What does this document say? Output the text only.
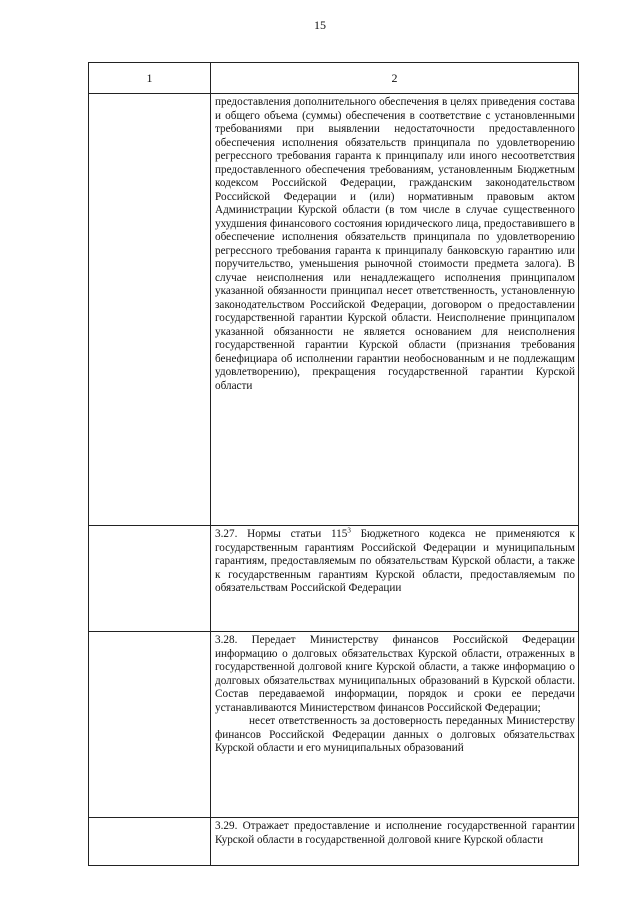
15
1	2

	предоставления дополнительного обеспечения в целях приведения состава и общего объема (суммы) обеспечения в соответствие с установленными требованиями при выявлении недостаточности предоставленного обеспечения исполнения обязательств принципала по удовлетворению регрессного требования гаранта к принципалу или иного несоответствия предоставленного обеспечения требованиям, установленным Бюджетным кодексом Российской Федерации, гражданским законодательством Российской Федерации и (или) нормативным правовым актом Администрации Курской области (в том числе в случае существенного ухудшения финансового состояния юридического лица, предоставившего в обеспечение исполнения обязательств принципала по удовлетворению регрессного требования гаранта к принципалу банковскую гарантию или поручительство, уменьшения рыночной стоимости предмета залога). В случае неисполнения или ненадлежащего исполнения принципалом указанной обязанности принципал несет ответственность, установленную законодательством Российской Федерации, договором о предоставлении государственной гарантии Курской области. Неисполнение принципалом указанной обязанности не является основанием для неисполнения государственной гарантии Курской области (признания требования бенефициара об исполнении гарантии необоснованным и не подлежащим удовлетворению), прекращения государственной гарантии Курской области

	3.27. Нормы статьи $115^3$ Бюджетного кодекса не применяются к государственным гарантиям Российской Федерации и муниципальным гарантиям, предоставляемым по обязательствам Курской области, а также к государственным гарантиям Курской области, предоставляемым по обязательствам Российской Федерации

	3.28. Передает Министерству финансов Российской Федерации информацию о долговых обязательствах Курской области, отраженных в государственной долговой книге Курской области, а также информацию о долговых обязательствах муниципальных образований в Курской области. Состав передаваемой информации, порядок и сроки ее передачи устанавливаются Министерством финансов Российской Федерации;

несет ответственность за достоверность переданных Министерству финансов Российской Федерации данных о долговых обязательствах Курской области и его муниципальных образований

	3.29. Отражает предоставление и исполнение государственной гарантии Курской области в государственной долговой книге Курской области
